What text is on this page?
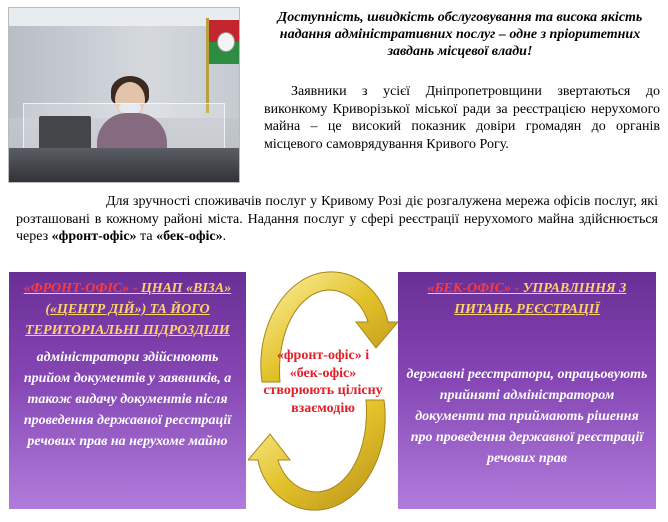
Доступність, швидкість обслуговування та висока якість надання адміністративних послуг – одне з пріоритетних завдань місцевої влади!
Заявники з усієї Дніпропетровщини звертаються до виконкому Криворізької міської ради за реєстрацією нерухомого майна – це високий показник довіри громадян до органів місцевого самоврядування Кривого Рогу.
Для зручності споживачів послуг у Кривому Розі діє розгалужена мережа офісів послуг, які розташовані в кожному районі міста. Надання послуг у сфері реєстрації нерухомого майна здійснюється через «фронт-офіс» та «бек-офіс».
«ФРОНТ-ОФІС» - ЦНАП «ВІЗА» («ЦЕНТР ДІЙ») ТА ЙОГО ТЕРИТОРІАЛЬНІ ПІДРОЗДІЛИ
адміністратори здійснюють прийом документів у заявників, а також видачу документів після проведення державної реєстрації речових прав на нерухоме майно
«БЕК-ОФІС» - УПРАВЛІННЯ З ПИТАНЬ РЕЄСТРАЦІЇ
державні реєстратори, опрацьовують прийняті адміністратором документи та приймають рішення про проведення державної реєстрації речових прав
«фронт-офіс» і «бек-офіс» створюють цілісну взаємодію
